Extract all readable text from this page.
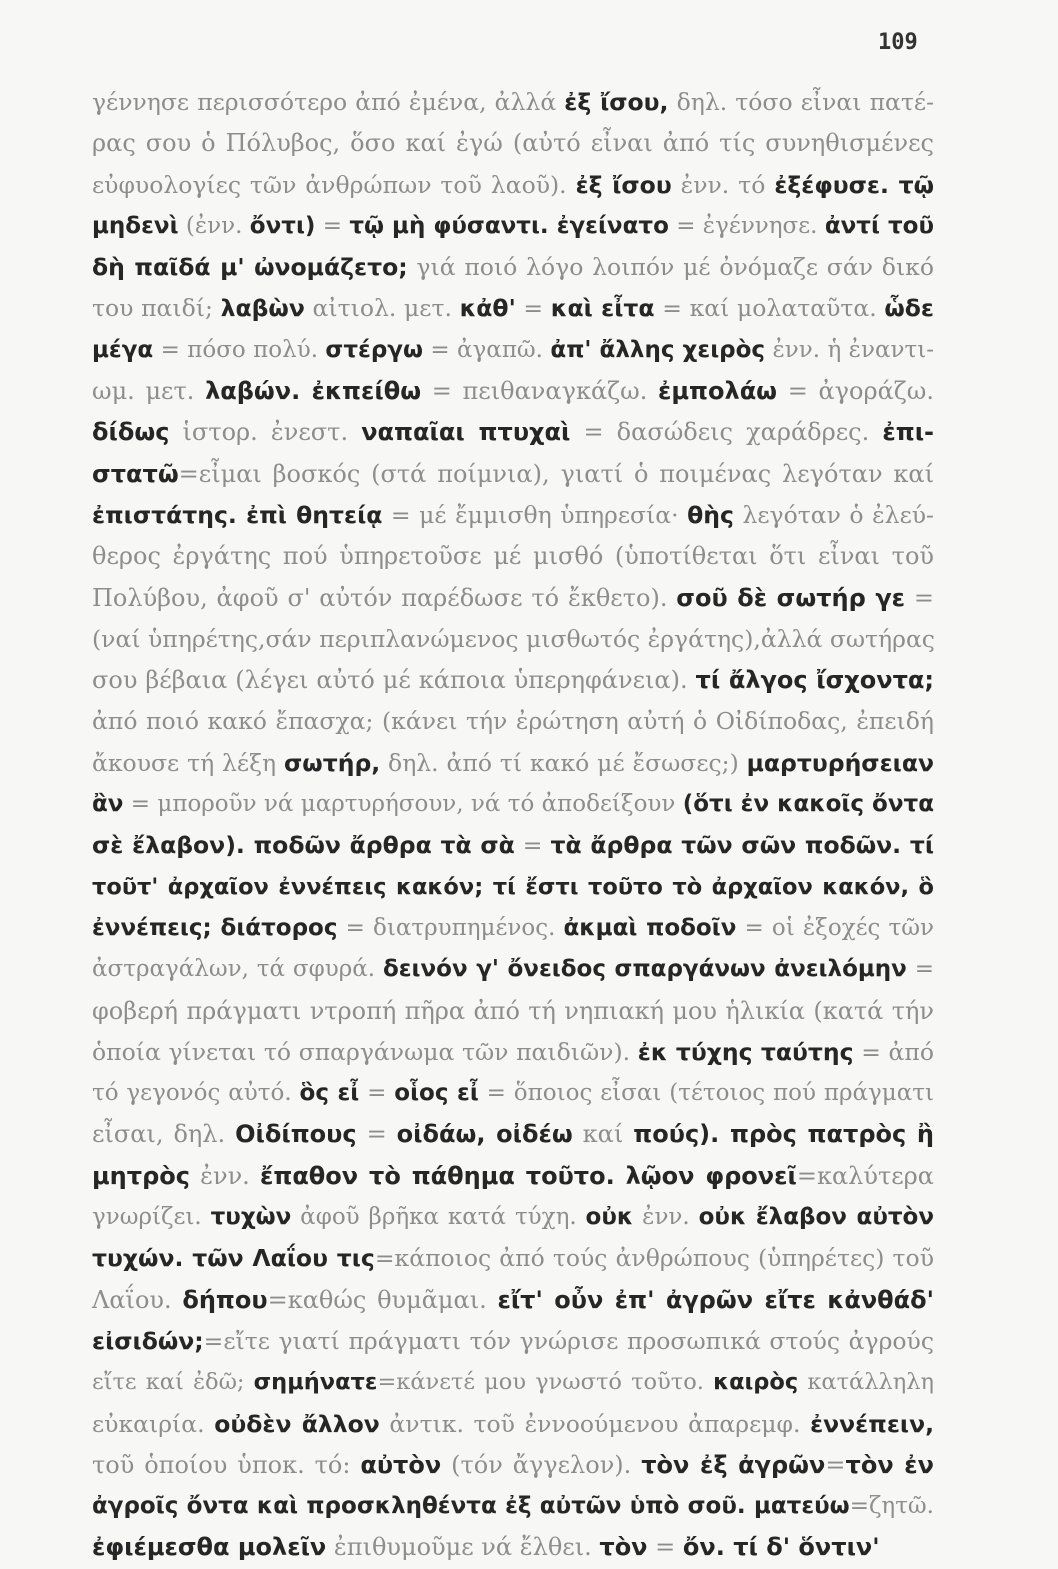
109
γέννησε περισσότερο ἀπό ἐμένα, ἀλλά ἐξ ἴσου, δηλ. τόσο εἶναι πατέ-
ρας σου ὁ Πόλυβος, ὅσο καί ἐγώ (αὐτό εἶναι ἀπό τίς συνηθισμένες
εὐφυολογίες τῶν ἀνθρώπων τοῦ λαοῦ). ἐξ ἴσου ἐνν. τό ἐξέφυσε. τῷ
μηδενὶ (ἐνν. ὄντι) = τῷ μὴ φύσαντι. ἐγείνατο = ἐγέννησε. ἀντί τοῦ
δὴ παῖδά μ' ὠνομάζετο; γιά ποιό λόγο λοιπόν μέ ὀνόμαζε σάν δικό
του παιδί; λαβὼν αἰτιολ. μετ. κἀθ' = καὶ εἶτα = καί μολαταῦτα. ὧδε
μέγα = πόσο πολύ. στέργω = ἀγαπῶ. ἀπ' ἄλλης χειρὸς ἐνν. ἡ ἐναντι-
ωμ. μετ. λαβών. ἐκπείθω = πειθαναγκάζω. ἐμπολάω = ἀγοράζω.
δίδως ἱστορ. ἐνεστ. ναπαῖαι πτυχαὶ = δασώδεις χαράδρες. ἐπι-
στατῶ=εἶμαι βοσκός (στά ποίμνια), γιατί ὁ ποιμένας λεγόταν καί
ἐπιστάτης. ἐπὶ θητείᾳ = μέ ἔμμισθη ὑπηρεσία· θὴς λεγόταν ὁ ἐλεύ-
θερος ἐργάτης πού ὑπηρετοῦσε μέ μισθό (ὑποτίθεται ὅτι εἶναι τοῦ
Πολύβου, ἀφοῦ σ' αὐτόν παρέδωσε τό ἔκθετο). σοῦ δὲ σωτήρ γε =
(ναί ὑπηρέτης,σάν περιπλανώμενος μισθωτός ἐργάτης),ἀλλά σωτήρας
σου βέβαια (λέγει αὐτό μέ κάποια ὑπερηφάνεια). τί ἄλγος ἴσχοντα;
ἀπό ποιό κακό ἔπασχα; (κάνει τήν ἐρώτηση αὐτή ὁ Οἰδίποδας, ἐπειδή
ἄκουσε τή λέξη σωτήρ, δηλ. ἀπό τί κακό μέ ἔσωσες;) μαρτυρήσειαν
ἂν = μποροῦν νά μαρτυρήσουν, νά τό ἀποδείξουν (ὅτι ἐν κακοῖς ὄντα
σὲ ἔλαβον). ποδῶν ἄρθρα τὰ σὰ = τὰ ἄρθρα τῶν σῶν ποδῶν. τί
τοῦτ' ἀρχαῖον ἐννέπεις κακόν; τί ἔστι τοῦτο τὸ ἀρχαῖον κακόν, ὃ
ἐννέπεις; διάτορος = διατρυπημένος. ἀκμαὶ ποδοῖν = οἱ ἐξοχές τῶν
ἀστραγάλων, τά σφυρά. δεινόν γ' ὄνειδος σπαργάνων ἀνειλόμην =
φοβερή πράγματι ντροπή πῆρα ἀπό τή νηπιακή μου ἡλικία (κατά τήν
ὁποία γίνεται τό σπαργάνωμα τῶν παιδιῶν). ἐκ τύχης ταύτης = ἀπό
τό γεγονός αὐτό. ὃς εἶ = οἷος εἶ = ὅποιος εἶσαι (τέτοιος πού πράγματι
εἶσαι, δηλ. Οἰδίπους = οἰδάω, οἰδέω καί πούς). πρὸς πατρὸς ἢ
μητρὸς ἐνν. ἔπαθον τὸ πάθημα τοῦτο. λῷον φρονεῖ=καλύτερα
γνωρίζει. τυχὼν ἀφοῦ βρῆκα κατά τύχη. οὐκ ἐνν. οὐκ ἔλαβον αὐτὸν
τυχών. τῶν Λαΐου τις=κάποιος ἀπό τούς ἀνθρώπους (ὑπηρέτες) τοῦ
Λαΐου. δήπου=καθώς θυμᾶμαι. εἴτ' οὖν ἐπ' ἀγρῶν εἴτε κἀνθάδ'
εἰσιδών;=εἴτε γιατί πράγματι τόν γνώρισε προσωπικά στούς ἀγρούς
εἴτε καί ἐδῶ; σημήνατε=κάνετέ μου γνωστό τοῦτο. καιρὸς κατάλληλη
εὐκαιρία. οὐδὲν ἄλλον ἀντικ. τοῦ ἐννοούμενου ἀπαρεμφ. ἐννέπειν,
τοῦ ὁποίου ὑποκ. τό: αὐτὸν (τόν ἄγγελον). τὸν ἐξ ἀγρῶν=τὸν ἐν
ἀγροῖς ὄντα καὶ προσκληθέντα ἐξ αὐτῶν ὑπὸ σοῦ. ματεύω=ζητῶ.
ἐφιέμεσθα μολεῖν ἐπιθυμοῦμε νά ἔλθει. τὸν = ὄν. τί δ' ὅντιν'
